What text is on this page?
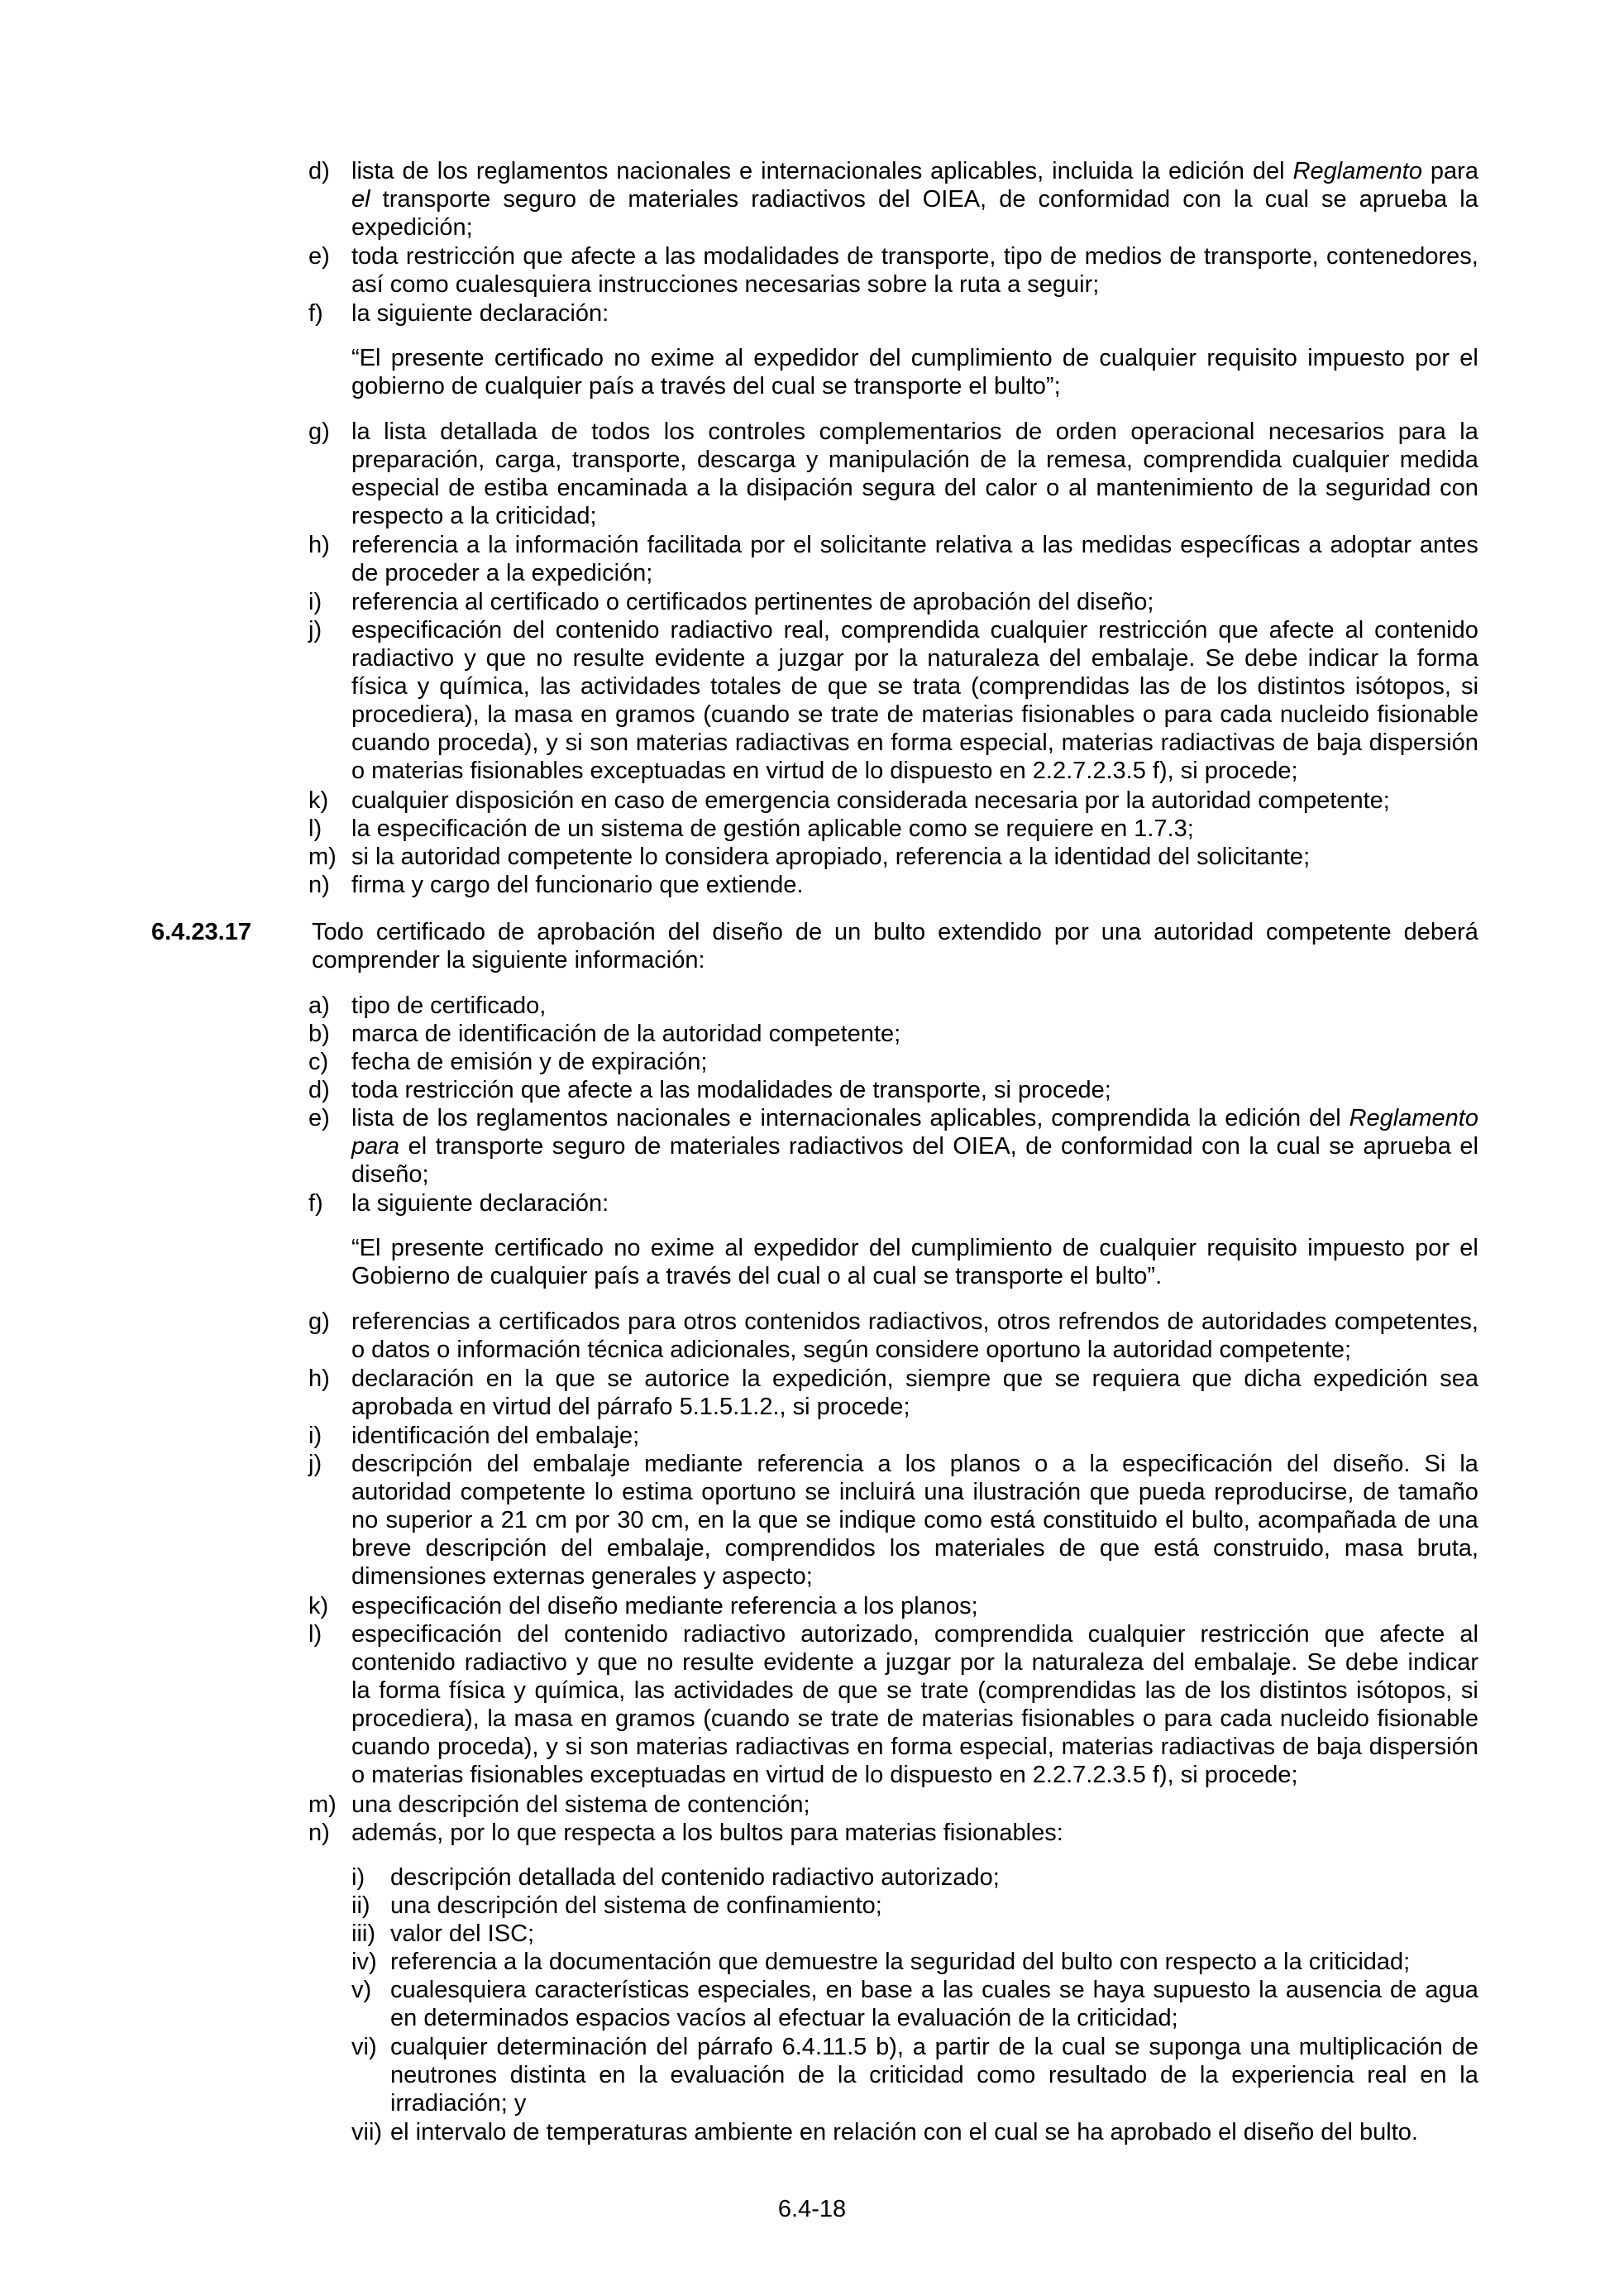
d) lista de los reglamentos nacionales e internacionales aplicables, incluida la edición del Reglamento para
el transporte seguro de materiales radiactivos del OIEA, de conformidad con la cual se aprueba la
expedición;
e) toda restricción que afecte a las modalidades de transporte, tipo de medios de transporte, contenedores,
así como cualesquiera instrucciones necesarias sobre la ruta a seguir;
f) la siguiente declaración:
“El presente certificado no exime al expedidor del cumplimiento de cualquier requisito impuesto por el
gobierno de cualquier país a través del cual se transporte el bulto”;
g) la lista detallada de todos los controles complementarios de orden operacional necesarios para la
preparación, carga, transporte, descarga y manipulación de la remesa, comprendida cualquier medida
especial de estiba encaminada a la disipación segura del calor o al mantenimiento de la seguridad con
respecto a la criticidad;
h) referencia a la información facilitada por el solicitante relativa a las medidas específicas a adoptar antes
de proceder a la expedición;
i) referencia al certificado o certificados pertinentes de aprobación del diseño;
j) especificación del contenido radiactivo real, comprendida cualquier restricción que afecte al contenido
radiactivo y que no resulte evidente a juzgar por la naturaleza del embalaje. Se debe indicar la forma
física y química, las actividades totales de que se trata (comprendidas las de los distintos isótopos, si
procediera), la masa en gramos (cuando se trate de materias fisionables o para cada nucleido fisionable
cuando proceda), y si son materias radiactivas en forma especial, materias radiactivas de baja dispersión
o materias fisionables exceptuadas en virtud de lo dispuesto en 2.2.7.2.3.5 f), si procede;
k) cualquier disposición en caso de emergencia considerada necesaria por la autoridad competente;
l) la especificación de un sistema de gestión aplicable como se requiere en 1.7.3;
m) si la autoridad competente lo considera apropiado, referencia a la identidad del solicitante;
n) firma y cargo del funcionario que extiende.
6.4.23.17	Todo certificado de aprobación del diseño de un bulto extendido por una autoridad competente deberá
comprender la siguiente información:
a) tipo de certificado,
b) marca de identificación de la autoridad competente;
c) fecha de emisión y de expiración;
d) toda restricción que afecte a las modalidades de transporte, si procede;
e) lista de los reglamentos nacionales e internacionales aplicables, comprendida la edición del Reglamento
para el transporte seguro de materiales radiactivos del OIEA, de conformidad con la cual se aprueba el
diseño;
f) la siguiente declaración:
“El presente certificado no exime al expedidor del cumplimiento de cualquier requisito impuesto por el
Gobierno de cualquier país a través del cual o al cual se transporte el bulto”.
g) referencias a certificados para otros contenidos radiactivos, otros refrendos de autoridades competentes,
o datos o información técnica adicionales, según considere oportuno la autoridad competente;
h) declaración en la que se autorice la expedición, siempre que se requiera que dicha expedición sea
aprobada en virtud del párrafo 5.1.5.1.2., si procede;
i) identificación del embalaje;
j) descripción del embalaje mediante referencia a los planos o a la especificación del diseño. Si la
autoridad competente lo estima oportuno se incluirá una ilustración que pueda reproducirse, de tamaño
no superior a 21 cm por 30 cm, en la que se indique como está constituido el bulto, acompañada de una
breve descripción del embalaje, comprendidos los materiales de que está construido, masa bruta,
dimensiones externas generales y aspecto;
k) especificación del diseño mediante referencia a los planos;
l) especificación del contenido radiactivo autorizado, comprendida cualquier restricción que afecte al
contenido radiactivo y que no resulte evidente a juzgar por la naturaleza del embalaje. Se debe indicar
la forma física y química, las actividades de que se trate (comprendidas las de los distintos isótopos, si
procediera), la masa en gramos (cuando se trate de materias fisionables o para cada nucleido fisionable
cuando proceda), y si son materias radiactivas en forma especial, materias radiactivas de baja dispersión
o materias fisionables exceptuadas en virtud de lo dispuesto en 2.2.7.2.3.5 f), si procede;
m) una descripción del sistema de contención;
n) además, por lo que respecta a los bultos para materias fisionables:
i) descripción detallada del contenido radiactivo autorizado;
ii) una descripción del sistema de confinamiento;
iii) valor del ISC;
iv) referencia a la documentación que demuestre la seguridad del bulto con respecto a la criticidad;
v) cualesquiera características especiales, en base a las cuales se haya supuesto la ausencia de agua
en determinados espacios vacíos al efectuar la evaluación de la criticidad;
vi) cualquier determinación del párrafo 6.4.11.5 b), a partir de la cual se suponga una multiplicación de
neutrones distinta en la evaluación de la criticidad como resultado de la experiencia real en la
irradiación; y
vii) el intervalo de temperaturas ambiente en relación con el cual se ha aprobado el diseño del bulto.
6.4-18
